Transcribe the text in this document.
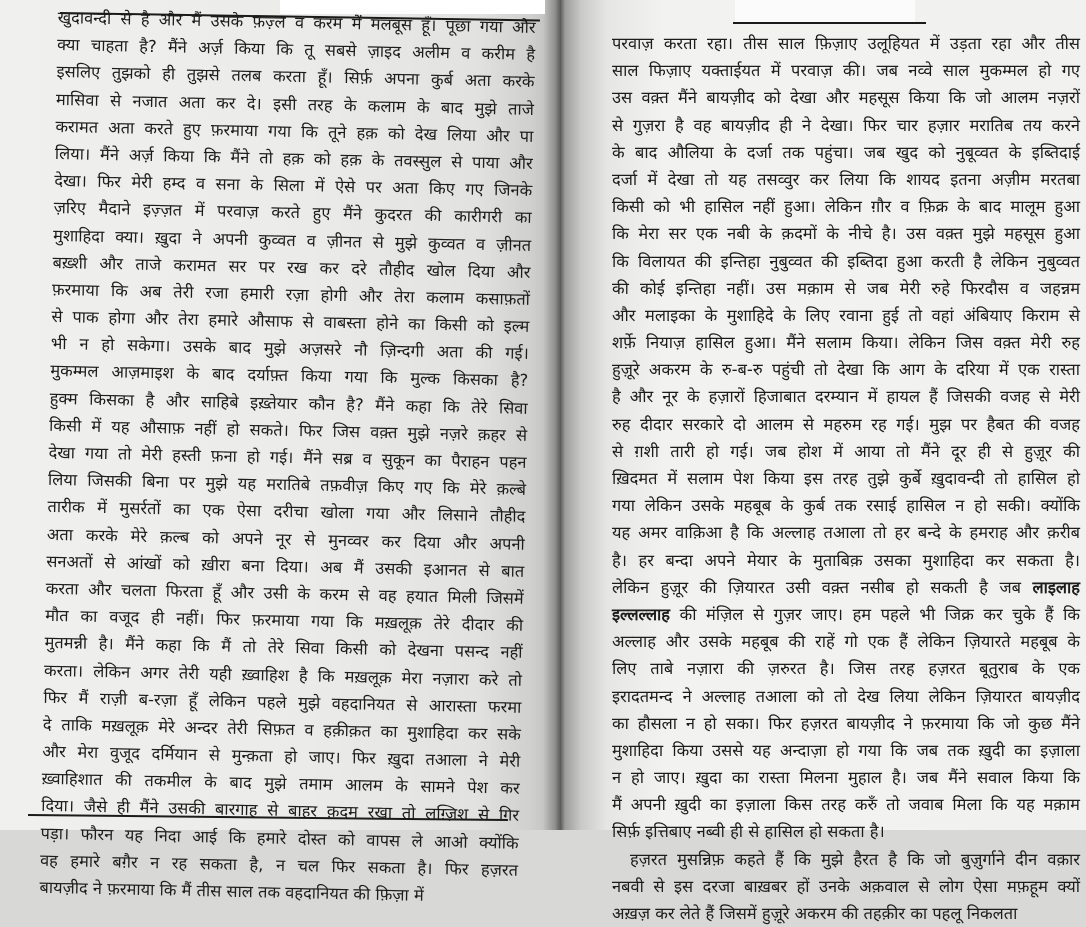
खुदावन्दी से है और मैं उसके फ़ज़्ल व करम में मलबूस हूँ। पूछा गया और
क्या चाहता है? मैंने अर्ज़ किया कि तू सबसे ज़ाइद अलीम व करीम है
इसलिए तुझको ही तुझसे तलब करता हूँ। सिर्फ़ अपना कुर्ब अता करके
मासिवा से नजात अता कर दे। इसी तरह के कलाम के बाद मुझे ताजे
करामत अता करते हुए फ़रमाया गया कि तूने हक़ को देख लिया और पा
लिया। मैंने अर्ज़ किया कि मैंने तो हक़ को हक़ के तवस्सुल से पाया और
देखा। फिर मेरी हम्द व सना के सिला में ऐसे पर अता किए गए जिनके
ज़रिए मैदाने इज़्ज़त में परवाज़ करते हुए मैंने कुदरत की कारीगरी का
मुशाहिदा क्या। ख़ुदा ने अपनी कुव्वत व ज़ीनत से मुझे कुव्वत व ज़ीनत
बख़्शी और ताजे करामत सर पर रख कर दरे तौहीद खोल दिया और
फ़रमाया कि अब तेरी रजा हमारी रज़ा होगी और तेरा कलाम कसाफ़तों
से पाक होगा और तेरा हमारे औसाफ से वाबस्ता होने का किसी को इल्म
भी न हो सकेगा। उसके बाद मुझे अज़सरे नौ ज़िन्दगी अता की गई।
मुकम्मल आज़माइश के बाद दर्याफ़्त किया गया कि मुल्क किसका है?
हुक्म किसका है और साहिबे इख़्तेयार कौन है? मैंने कहा कि तेरे सिवा
किसी में यह औसाफ़ नहीं हो सकते। फिर जिस वक़्त मुझे नज़रे क़हर से
देखा गया तो मेरी हस्ती फ़ना हो गई। मैंने सब्र व सुकून का पैराहन पहन
लिया जिसकी बिना पर मुझे यह मरातिबे तफ़वीज़ किए गए कि मेरे क़ल्बे
तारीक में मुसर्रतों का एक ऐसा दरीचा खोला गया और लिसाने तौहीद
अता करके मेरे क़ल्ब को अपने नूर से मुनव्वर कर दिया और अपनी
सनअतों से आंखों को ख़ीरा बना दिया। अब मैं उसकी इआनत से बात
करता और चलता फिरता हूँ और उसी के करम से वह हयात मिली जिसमें
मौत का वजूद ही नहीं। फिर फ़रमाया गया कि मख़लूक़ तेरे दीदार की
मुतमन्नी है। मैंने कहा कि मैं तो तेरे सिवा किसी को देखना पसन्द नहीं
करता। लेकिन अगर तेरी यही ख़्वाहिश है कि मख़लूक़ मेरा नज़ारा करे तो
फिर मैं राज़ी ब-रज़ा हूँ लेकिन पहले मुझे वहदानियत से आरास्ता फरमा
दे ताकि मख़लूक़ मेरे अन्दर तेरी सिफ़त व हक़ीक़त का मुशाहिदा कर सके
और मेरा वुजूद दर्मियान से मुन्क़ता हो जाए। फिर ख़ुदा तआला ने मेरी
ख़्वाहिशात की तकमील के बाद मुझे तमाम आलम के सामने पेश कर
दिया। जैसे ही मैंने उसकी बारगाह से बाहर क़दम रखा तो लग़्ज़िश से गिर
पड़ा। फौरन यह निदा आई कि हमारे दोस्त को वापस ले आओ क्योंकि
वह हमारे बग़ैर न रह सकता है, न चल फिर सकता है। फिर हज़रत
बायज़ीद ने फ़रमाया कि मैं तीस साल तक वहदानियत की फ़िज़ा में
परवाज़ करता रहा। तीस साल फ़िज़ाए उलूहियत में उड़ता रहा और तीस
साल फिज़ाए यक्ताईयत में परवाज़ की। जब नव्वे साल मुकम्मल हो गए
उस वक़्त मैंने बायज़ीद को देखा और महसूस किया कि जो आलम नज़रों
से गुज़रा है वह बायज़ीद ही ने देखा। फिर चार हज़ार मरातिब तय करने
के बाद औलिया के दर्जा तक पहुंचा। जब खुद को नुबूव्वत के इब्तिदाई
दर्जा में देखा तो यह तसव्वुर कर लिया कि शायद इतना अज़ीम मरतबा
किसी को भी हासिल नहीं हुआ। लेकिन ग़ौर व फ़िक्र के बाद मालूम हुआ
कि मेरा सर एक नबी के क़दमों के नीचे है। उस वक़्त मुझे महसूस हुआ
कि विलायत की इन्तिहा नुबुव्वत की इब्तिदा हुआ करती है लेकिन नुबुव्वत
की कोई इन्तिहा नहीं। उस मक़ाम से जब मेरी रुहे फिरदौस व जहन्नम
और मलाइका के मुशाहिदे के लिए रवाना हुई तो वहां अंबियाए किराम से
शर्फ़े नियाज़ हासिल हुआ। मैंने सलाम किया। लेकिन जिस वक़्त मेरी रुह
हुज़ूरे अकरम के रु-ब-रु पहुंची तो देखा कि आग के दरिया में एक रास्ता
है और नूर के हज़ारों हिजाबात दरम्यान में हायल हैं जिसकी वजह से मेरी
रुह दीदार सरकारे दो आलम से महरुम रह गई। मुझ पर हैबत की वजह
से ग़शी तारी हो गई। जब होश में आया तो मैंने दूर ही से हुज़ूर की
ख़िदमत में सलाम पेश किया इस तरह तुझे कुर्बे ख़ुदावन्दी तो हासिल हो
गया लेकिन उसके महबूब के कुर्ब तक रसाई हासिल न हो सकी। क्योंकि
यह अमर वाक़िआ है कि अल्लाह तआला तो हर बन्दे के हमराह और क़रीब
है। हर बन्दा अपने मेयार के मुताबिक़ उसका मुशाहिदा कर सकता है।
लेकिन हुज़ूर की ज़ियारत उसी वक़्त नसीब हो सकती है जब लाइलाह
इल्लल्लाह की मंज़िल से गुज़र जाए। हम पहले भी जिक्र कर चुके हैं कि
अल्लाह और उसके महबूब की राहें गो एक हैं लेकिन ज़ियारते महबूब के
लिए ताबे नज़ारा की ज़रुरत है। जिस तरह हज़रत बूतुराब के एक
इरादतमन्द ने अल्लाह तआला को तो देख लिया लेकिन ज़ियारत बायज़ीद
का हौसला न हो सका। फिर हज़रत बायज़ीद ने फ़रमाया कि जो कुछ मैंने
मुशाहिदा किया उससे यह अन्दाज़ा हो गया कि जब तक ख़ुदी का इज़ाला
न हो जाए। ख़ुदा का रास्ता मिलना मुहाल है। जब मैंने सवाल किया कि
मैं अपनी ख़ुदी का इज़ाला किस तरह करुँ तो जवाब मिला कि यह मक़ाम
सिर्फ़ इत्तिबाए नब्वी ही से हासिल हो सकता है।
हज़रत मुसन्निफ़ कहते हैं कि मुझे हैरत है कि जो बुज़ुर्गाने दीन वक़ार
नबवी से इस दरजा बाख़बर हों उनके अक़वाल से लोग ऐसा मफ़हूम क्यों
अख़ज़ कर लेते हैं जिसमें हुज़ूरे अकरम की तहक़ीर का पहलू निकलता
